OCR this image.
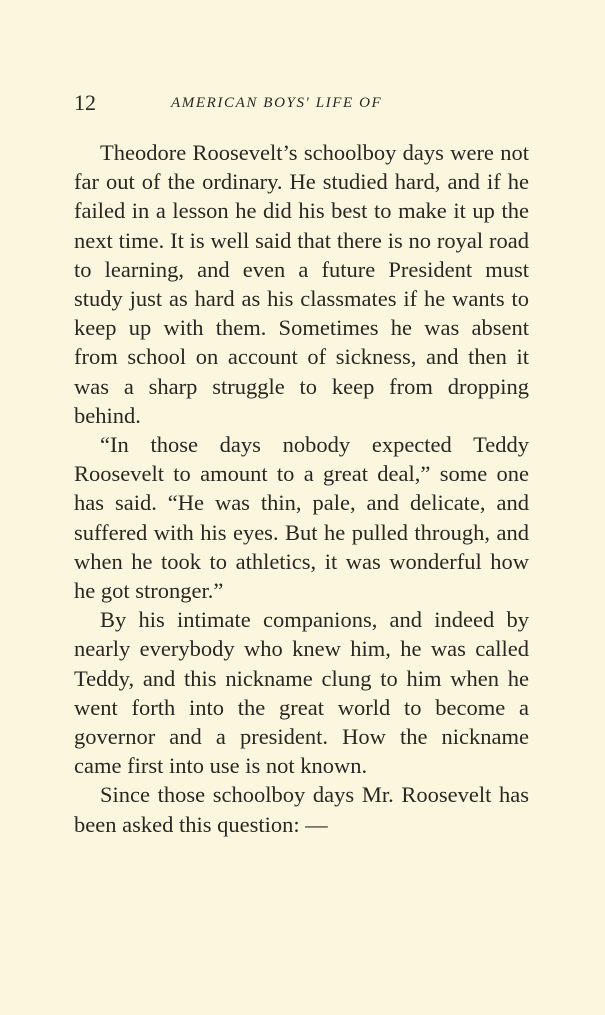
12	AMERICAN BOYS' LIFE OF

Theodore Roosevelt’s schoolboy days were not far out of the ordinary. He studied hard, and if he failed in a lesson he did his best to make it up the next time. It is well said that there is no royal road to learning, and even a future President must study just as hard as his classmates if he wants to keep up with them. Sometimes he was absent from school on account of sickness, and then it was a sharp struggle to keep from dropping behind.

“In those days nobody expected Teddy Roosevelt to amount to a great deal,” some one has said. “He was thin, pale, and delicate, and suffered with his eyes. But he pulled through, and when he took to athletics, it was wonderful how he got stronger.”

By his intimate companions, and indeed by nearly everybody who knew him, he was called Teddy, and this nickname clung to him when he went forth into the great world to become a governor and a president. How the nickname came first into use is not known.

Since those schoolboy days Mr. Roosevelt has been asked this question: —
